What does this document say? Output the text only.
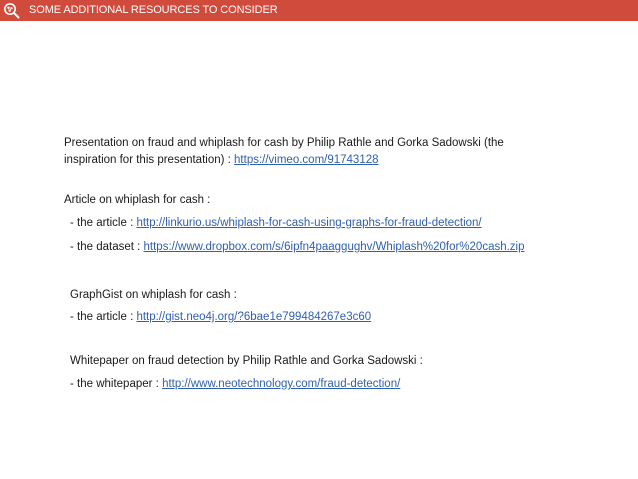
SOME ADDITIONAL RESOURCES TO CONSIDER
Presentation on fraud and whiplash for cash by Philip Rathle and Gorka Sadowski (the
inspiration for this presentation) : https://vimeo.com/91743128
Article on whiplash for cash :
- the article : http://linkurio.us/whiplash-for-cash-using-graphs-for-fraud-detection/
- the dataset : https://www.dropbox.com/s/6ipfn4paaggughv/Whiplash%20for%20cash.zip
GraphGist on whiplash for cash :
- the article : http://gist.neo4j.org/?6bae1e799484267e3c60
Whitepaper on fraud detection by Philip Rathle and Gorka Sadowski :
- the whitepaper : http://www.neotechnology.com/fraud-detection/
